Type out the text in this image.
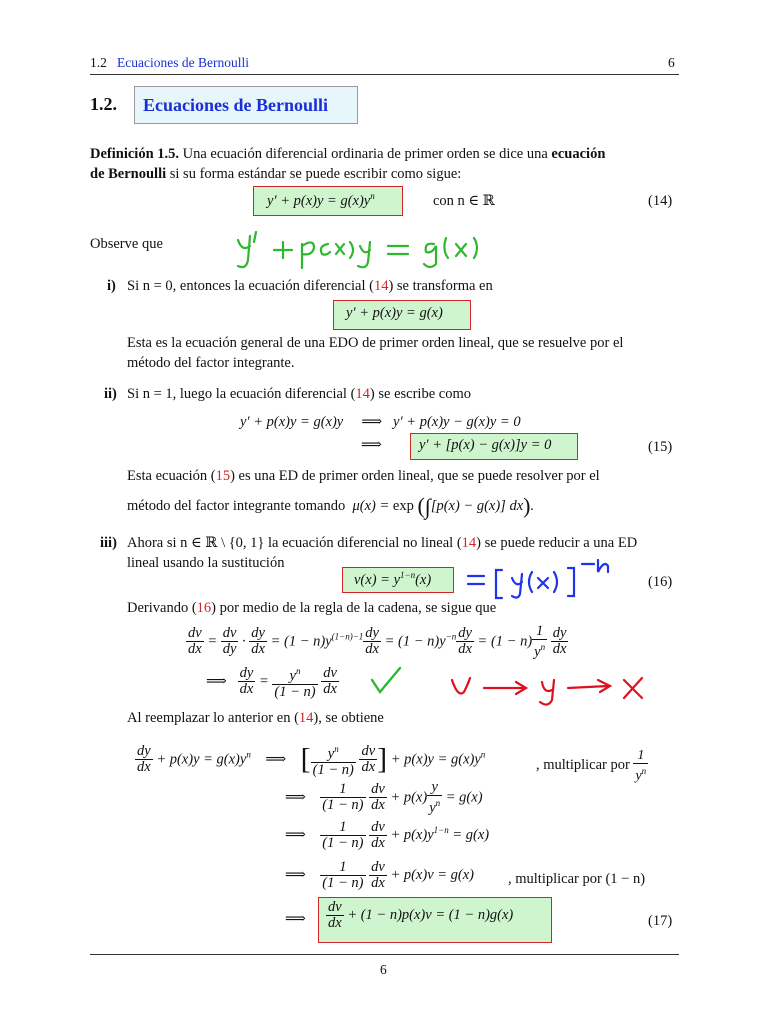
1.2 Ecuaciones de Bernoulli	6
1.2.	Ecuaciones de Bernoulli
Definición 1.5. Una ecuación diferencial ordinaria de primer orden se dice una ecuación
de Bernoulli si su forma estándar se puede escribir como sigue:
$y' + p(x)y = g(x)y^n$	con n ∈ ℝ	(14)
Observe que
i) Si n = 0, entonces la ecuación diferencial (14) se transforma en
y′ + p(x)y = g(x)
Esta es la ecuación general de una EDO de primer orden lineal, que se resuelve por el
método del factor integrante.
ii) Si n = 1, luego la ecuación diferencial (14) se escribe como
y′ + p(x)y = g(x)y     ⟹   y′ + p(x)y − g(x)y = 0
⟹	y′ + [p(x) − g(x)]y = 0	(15)
Esta ecuación (15) es una ED de primer orden lineal, que se puede resolver por el
método del factor integrante tomando  μ(x) = exp (∫[p(x) − g(x)] dx).
iii) Ahora si n ∈ ℝ \ {0, 1} la ecuación diferencial no lineal (14) se puede reducir a una ED
lineal usando la sustitución
$v(x) = y^{1-n}(x)$	(16)
Derivando (16) por medio de la regla de la cadena, se sigue que
$\frac{dv}{dx} = \frac{dv}{dy} \cdot \frac{dy}{dx} = (1 - n)y^{(1-n)-1} \frac{dy}{dx} = (1 - n)y^{-n} \frac{dy}{dx} = (1 - n) \frac{1}{y^n}$
$\frac{dy}{dx}$
⟹ $\frac{dy}{dx} = \frac{y^n}{(1 - n)}$
$\frac{dv}{dx}$
Al reemplazar lo anterior en (14), se obtiene
$\frac{dy}{dx} + p(x)y = g(x)y^n$ ⟹ [ $\frac{y^n}{(1 - n)}$
$\frac{dv}{dx}$ ] + $p(x)y = g(x)y^n$
, multiplicar por $\frac{1}{y^n}$
⟹ $\frac{1}{(1 - n)}$
$\frac{dv}{dx} + p(x) \frac{y}{y^n} = g(x)$
⟹ $\frac{1}{(1 - n)}$
$\frac{dv}{dx} + p(x)y^{1-n} = g(x)$
⟹ $\frac{1}{(1 - n)}$
$\frac{dv}{dx} + p(x)v = g(x)$ , multiplicar por (1 − n)
⟹ $\frac{dv}{dx} + (1 - n)p(x)v = (1 - n)g(x)$	(17)
6
